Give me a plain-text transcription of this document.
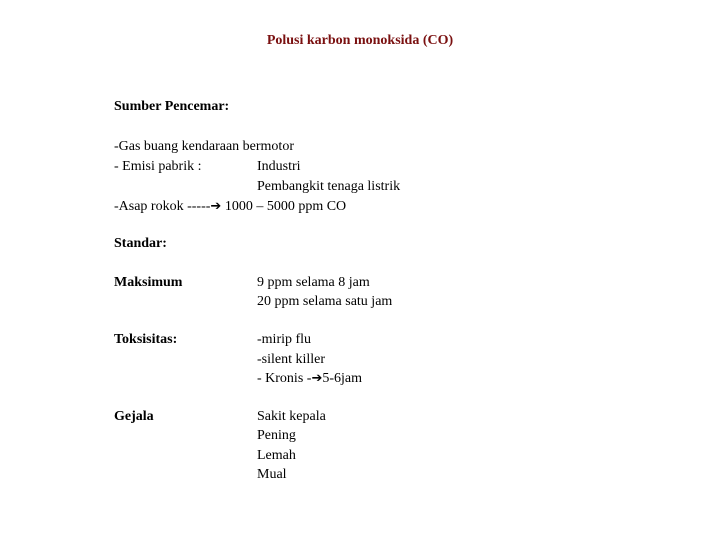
Polusi karbon monoksida (CO)
Sumber Pencemar:
-Gas buang kendaraan bermotor
- Emisi pabrik :	Industri
Pembangkit tenaga listrik
-Asap rokok -----➔ 1000 – 5000 ppm CO
Standar:
Maksimum	9 ppm selama 8 jam
20 ppm selama satu jam
Toksisitas:	-mirip flu
-silent killer
- Kronis -➔5-6jam
Gejala	Sakit kepala
Pening
Lemah
Mual
